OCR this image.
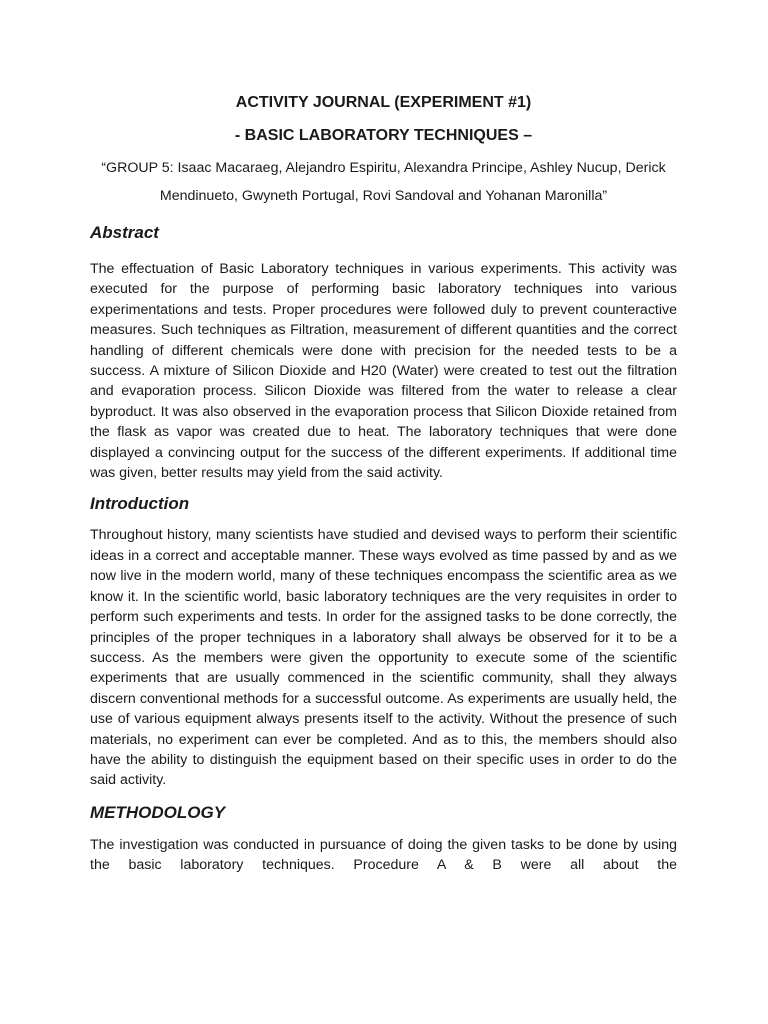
ACTIVITY JOURNAL (EXPERIMENT #1)

- BASIC LABORATORY TECHNIQUES –

“GROUP 5: Isaac Macaraeg, Alejandro Espiritu, Alexandra Principe, Ashley Nucup, Derick Mendinueto, Gwyneth Portugal, Rovi Sandoval and Yohanan Maronilla”

Abstract

The effectuation of Basic Laboratory techniques in various experiments. This activity was executed for the purpose of performing basic laboratory techniques into various experimentations and tests. Proper procedures were followed duly to prevent counteractive measures. Such techniques as Filtration, measurement of different quantities and the correct handling of different chemicals were done with precision for the needed tests to be a success. A mixture of Silicon Dioxide and H20 (Water) were created to test out the filtration and evaporation process. Silicon Dioxide was filtered from the water to release a clear byproduct. It was also observed in the evaporation process that Silicon Dioxide retained from the flask as vapor was created due to heat. The laboratory techniques that were done displayed a convincing output for the success of the different experiments. If additional time was given, better results may yield from the said activity.

Introduction

Throughout history, many scientists have studied and devised ways to perform their scientific ideas in a correct and acceptable manner. These ways evolved as time passed by and as we now live in the modern world, many of these techniques encompass the scientific area as we know it. In the scientific world, basic laboratory techniques are the very requisites in order to perform such experiments and tests. In order for the assigned tasks to be done correctly, the principles of the proper techniques in a laboratory shall always be observed for it to be a success. As the members were given the opportunity to execute some of the scientific experiments that are usually commenced in the scientific community, shall they always discern conventional methods for a successful outcome. As experiments are usually held, the use of various equipment always presents itself to the activity. Without the presence of such materials, no experiment can ever be completed. And as to this, the members should also have the ability to distinguish the equipment based on their specific uses in order to do the said activity.

METHODOLOGY

The investigation was conducted in pursuance of doing the given tasks to be done by using the basic laboratory techniques. Procedure A & B were all about the
